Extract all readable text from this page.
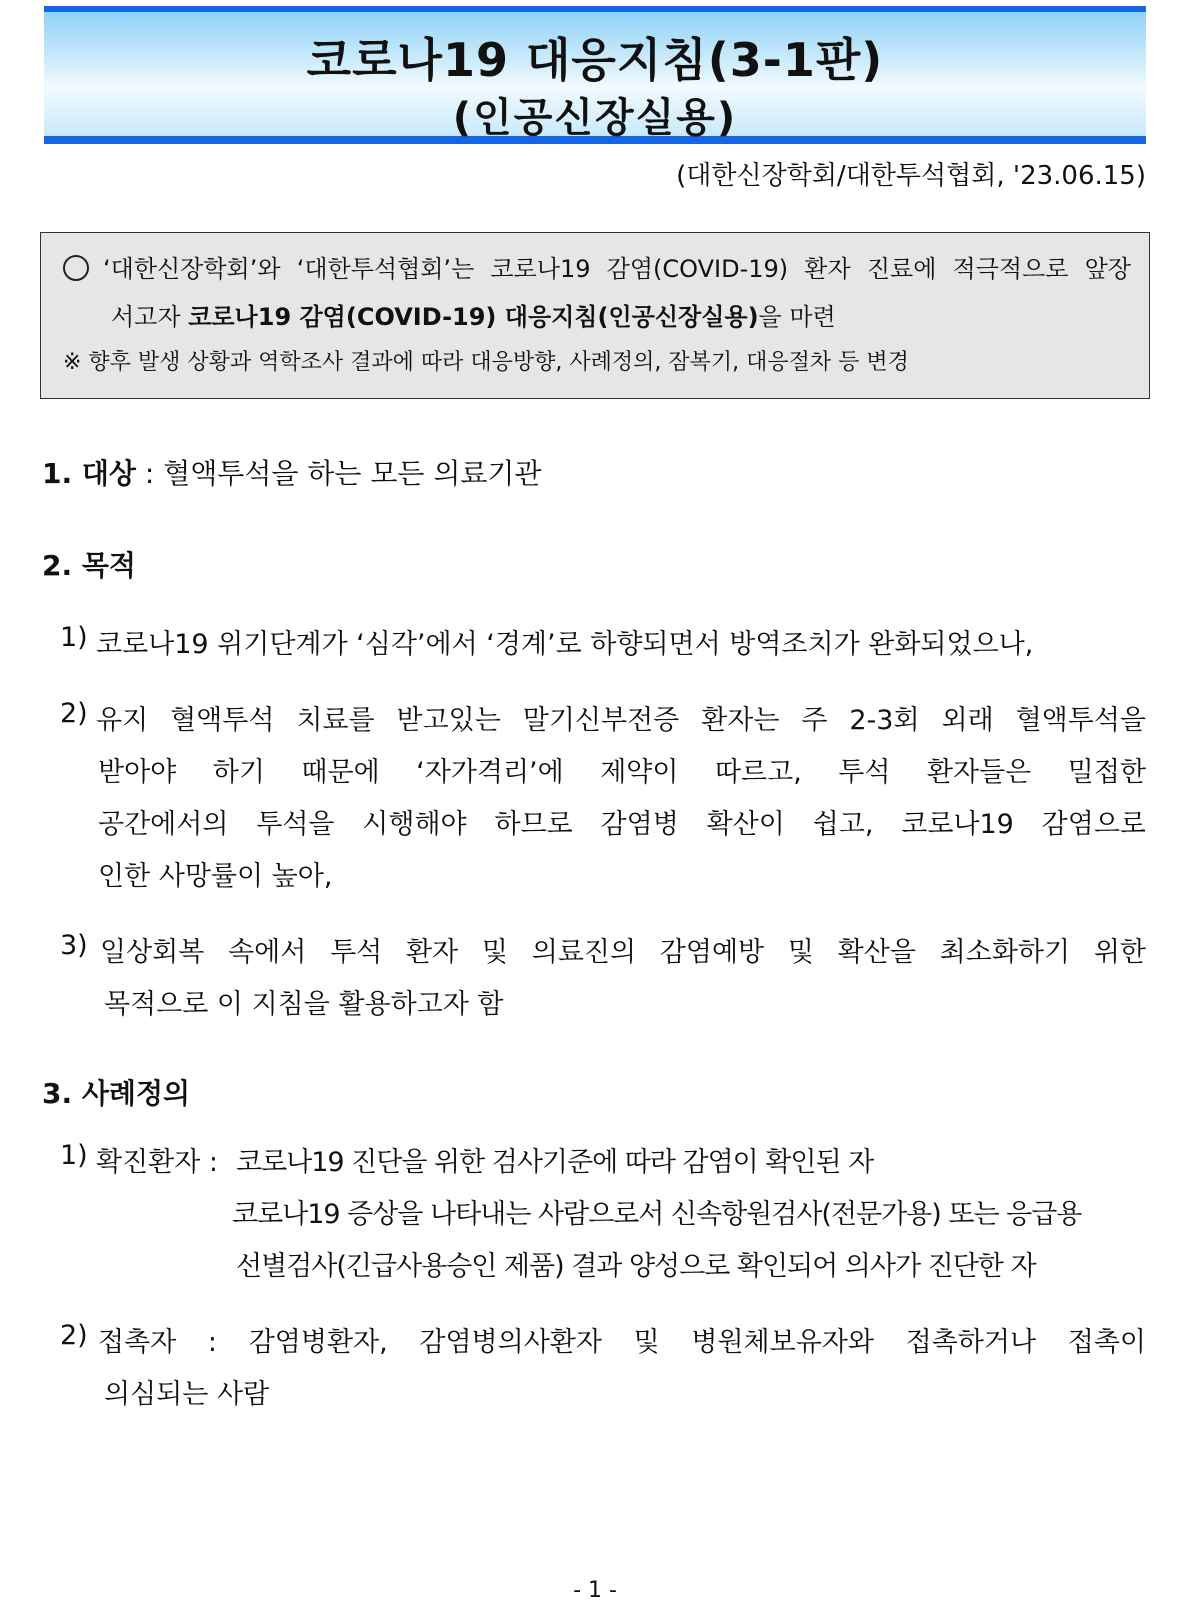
코로나19 대응지침(3-1판)
(인공신장실용)
(대한신장학회/대한투석협회, '23.06.15)
‘대한신장학회’와 ‘대한투석협회’는 코로나19 감염(COVID-19) 환자 진료에 적극적으로 앞장
서고자 코로나19 감염(COVID-19) 대응지침(인공신장실용)을 마련
※ 향후 발생 상황과 역학조사 결과에 따라 대응방향, 사례정의, 잠복기, 대응절차 등 변경
1. 대상 : 혈액투석을 하는 모든 의료기관
2. 목적
1) 코로나19 위기단계가 ‘심각’에서 ‘경계’로 하향되면서 방역조치가 완화되었으나,
2) 유지 혈액투석 치료를 받고있는 말기신부전증 환자는 주 2-3회 외래 혈액투석을
받아야 하기 때문에 ‘자가격리’에 제약이 따르고, 투석 환자들은 밀접한
공간에서의 투석을 시행해야 하므로 감염병 확산이 쉽고, 코로나19 감염으로
인한 사망률이 높아,
3) 일상회복 속에서 투석 환자 및 의료진의 감염예방 및 확산을 최소화하기 위한
목적으로 이 지침을 활용하고자 함
3. 사례정의
1) 확진환자 : 코로나19 진단을 위한 검사기준에 따라 감염이 확인된 자
코로나19 증상을 나타내는 사람으로서 신속항원검사(전문가용) 또는 응급용
선별검사(긴급사용승인 제품) 결과 양성으로 확인되어 의사가 진단한 자
2) 접촉자 : 감염병환자, 감염병의사환자 및 병원체보유자와 접촉하거나 접촉이
의심되는 사람
- 1 -
